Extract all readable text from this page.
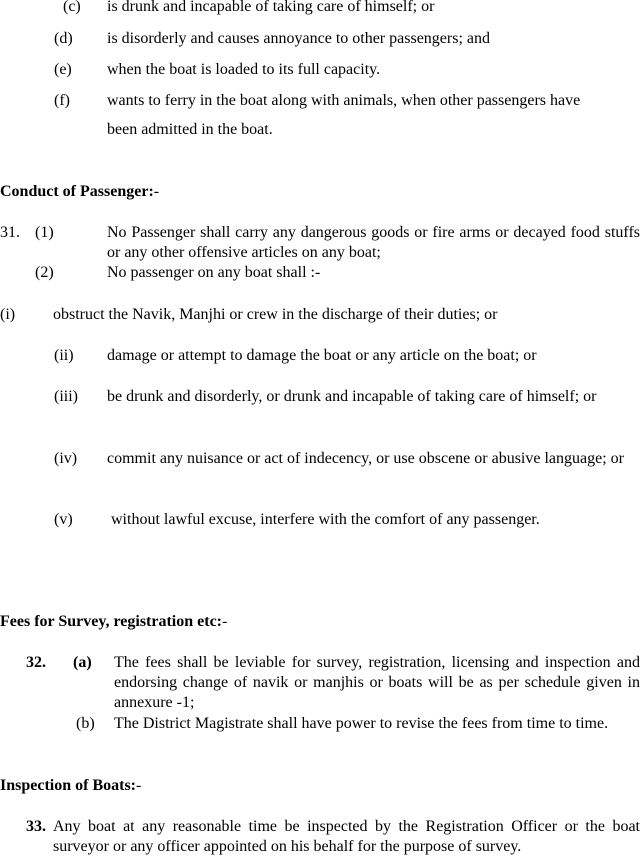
(c) is drunk and incapable of taking care of himself; or
(d) is disorderly and causes annoyance to other passengers; and
(e) when the boat is loaded to its full capacity.
(f) wants to ferry in the boat along with animals, when other passengers have
been admitted in the boat.
Conduct of Passenger:-
31. (1)	No Passenger shall carry any dangerous goods or fire arms or decayed food stuffs or any other offensive articles on any boat;
(2)	No passenger on any boat shall :-
(i) obstruct the Navik, Manjhi or crew in the discharge of their duties; or
(ii) damage or attempt to damage the boat or any article on the boat; or
(iii) be drunk and disorderly, or drunk and incapable of taking care of himself; or
(iv) commit any nuisance or act of indecency, or use obscene or abusive language; or
(v) without lawful excuse, interfere with the comfort of any passenger.
Fees for Survey, registration etc:-
32. (a) The fees shall be leviable for survey, registration, licensing and inspection and endorsing change of navik or manjhis or boats will be as per schedule given in annexure -1;
(b) The District Magistrate shall have power to revise the fees from time to time.
Inspection of Boats:-
33. Any boat at any reasonable time be inspected by the Registration Officer or the boat surveyor or any officer appointed on his behalf for the purpose of survey.
